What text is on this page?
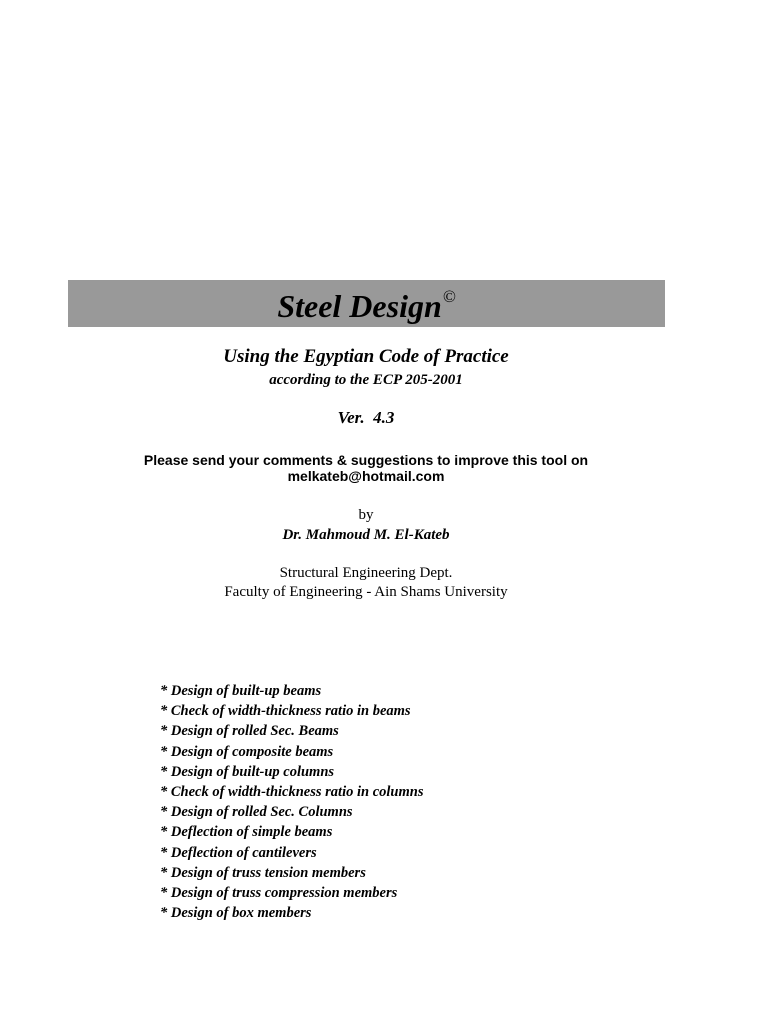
Steel Design©
Using the Egyptian Code of Practice
according to the ECP 205-2001
Ver.  4.3
Please send your comments & suggestions to improve this tool on
melkateb@hotmail.com
by
Dr. Mahmoud M. El-Kateb
Structural Engineering Dept.
Faculty of Engineering - Ain Shams University
* Design of built-up beams
* Check of width-thickness ratio in beams
* Design of rolled Sec. Beams
* Design of composite beams
* Design of built-up columns
* Check of width-thickness ratio in columns
* Design of rolled Sec. Columns
* Deflection of simple beams
* Deflection of cantilevers
* Design of truss tension members
* Design of truss compression members
* Design of box members
